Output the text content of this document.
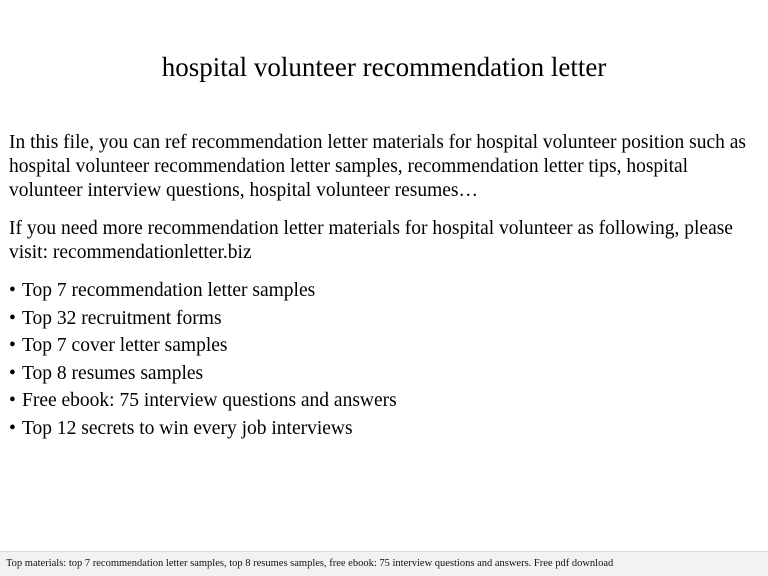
hospital volunteer recommendation letter

In this file, you can ref recommendation letter materials for hospital volunteer position such as hospital volunteer recommendation letter samples, recommendation letter tips, hospital volunteer interview questions, hospital volunteer resumes…

If you need more recommendation letter materials for hospital volunteer as following, please visit: recommendationletter.biz

• Top 7 recommendation letter samples
• Top 32 recruitment forms
• Top 7 cover letter samples
• Top 8 resumes samples
• Free ebook: 75 interview questions and answers
• Top 12 secrets to win every job interviews
Top materials: top 7 recommendation letter samples, top 8 resumes samples, free ebook: 75 interview questions and answers. Free pdf download
